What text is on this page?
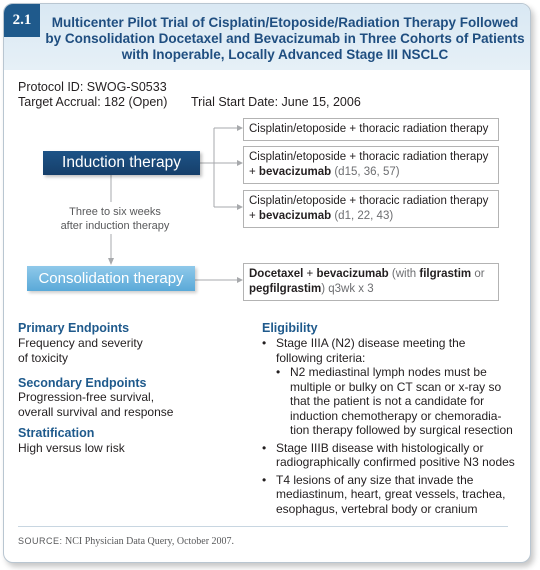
2.1	Multicenter Pilot Trial of Cisplatin/Etoposide/Radiation Therapy Followed
by Consolidation Docetaxel and Bevacizumab in Three Cohorts of Patients
with Inoperable, Locally Advanced Stage III NSCLC
Protocol ID: SWOG-S0533
Target Accrual: 182 (Open) Trial Start Date: June 15, 2006
Induction therapy
Three to six weeks
after induction therapy
Consolidation therapy
Cisplatin/etoposide + thoracic radiation therapy
Cisplatin/etoposide + thoracic radiation therapy
+ bevacizumab (d15, 36, 57)
Cisplatin/etoposide + thoracic radiation therapy
+ bevacizumab (d1, 22, 43)
Docetaxel + bevacizumab (with filgrastim or
pegfilgrastim) q3wk x 3
Primary Endpoints
Frequency and severity
of toxicity
Secondary Endpoints
Progression-free survival,
overall survival and response
Stratification
High versus low risk
Eligibility
• Stage IIIA (N2) disease meeting the
following criteria:
• N2 mediastinal lymph nodes must be
multiple or bulky on CT scan or x-ray so
that the patient is not a candidate for
induction chemotherapy or chemoradia-
tion therapy followed by surgical resection
• Stage IIIB disease with histologically or
radiographically confirmed positive N3 nodes
• T4 lesions of any size that invade the
mediastinum, heart, great vessels, trachea,
esophagus, vertebral body or cranium
SOURCE: NCI Physician Data Query, October 2007.
